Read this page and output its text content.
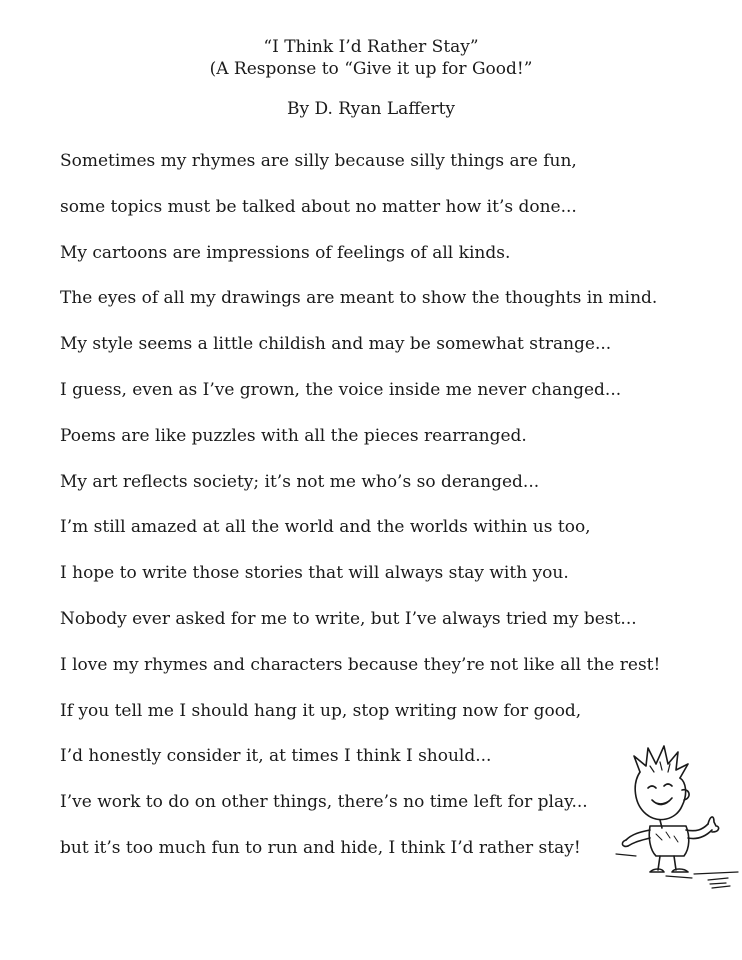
“I Think I’d Rather Stay”
(A Response to “Give it up for Good!”
By D. Ryan Lafferty
Sometimes my rhymes are silly because silly things are fun,
some topics must be talked about no matter how it’s done...
My cartoons are impressions of feelings of all kinds.
The eyes of all my drawings are meant to show the thoughts in mind.
My style seems a little childish and may be somewhat strange...
I guess, even as I’ve grown, the voice inside me never changed...
Poems are like puzzles with all the pieces rearranged.
My art reflects society; it’s not me who’s so deranged...
I’m still amazed at all the world and the worlds within us too,
I hope to write those stories that will always stay with you.
Nobody ever asked for me to write, but I’ve always tried my best...
I love my rhymes and characters because they’re not like all the rest!
If you tell me I should hang it up, stop writing now for good,
I’d honestly consider it, at times I think I should...
I’ve work to do on other things, there’s no time left for play...
but it’s too much fun to run and hide, I think I’d rather stay!
